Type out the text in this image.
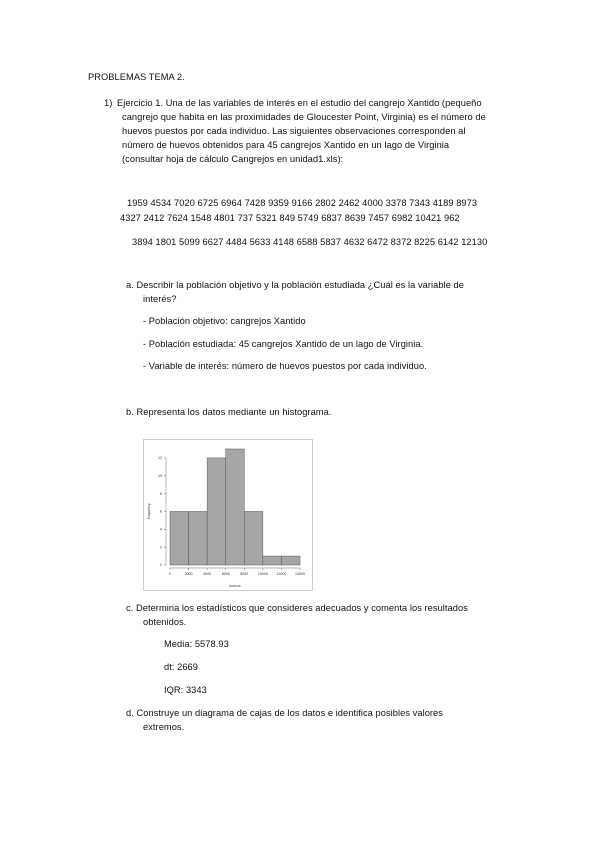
PROBLEMAS TEMA 2.
1) Ejercicio 1. Una de las variables de interés en el estudio del cangrejo Xantido (pequeño
cangrejo que habita en las proximidades de Gloucester Point, Virginia) es el número de
huevos puestos por cada individuo. Las siguientes observaciones corresponden al
número de huevos obtenidos para 45 cangrejos Xantido en un lago de Virginia
(consultar hoja de cálculo Cangrejos en unidad1.xls):
1959 4534 7020 6725 6964 7428 9359 9166 2802 2462 4000 3378 7343 4189 8973
4327 2412 7624 1548 4801 737 5321 849 5749 6837 8639 7457 6982 10421 962
3894 1801 5099 6627 4484 5633 4148 6588 5837 4632 6472 8372 8225 6142 12130
a. Describir la población objetivo y la población estudiada ¿Cuál es la variable de
interés?
- Población objetivo: cangrejos Xantido
- Población estudiada: 45 cangrejos Xantido de un lago de Virginia.
- Variable de interés: número de huevos puestos por cada individuo.
b. Representa los datos mediante un histograma.
0	2000	4000	6000	8000	10000 12000 14000
0
2
4
6
8
10
12
huevos
frequency
c. Determina los estadísticos que consideres adecuados y comenta los resultados
obtenidos.
Media: 5578.93
dt: 2669
IQR: 3343
d. Construye un diagrama de cajas de los datos e identifica posibles valores
extremos.
